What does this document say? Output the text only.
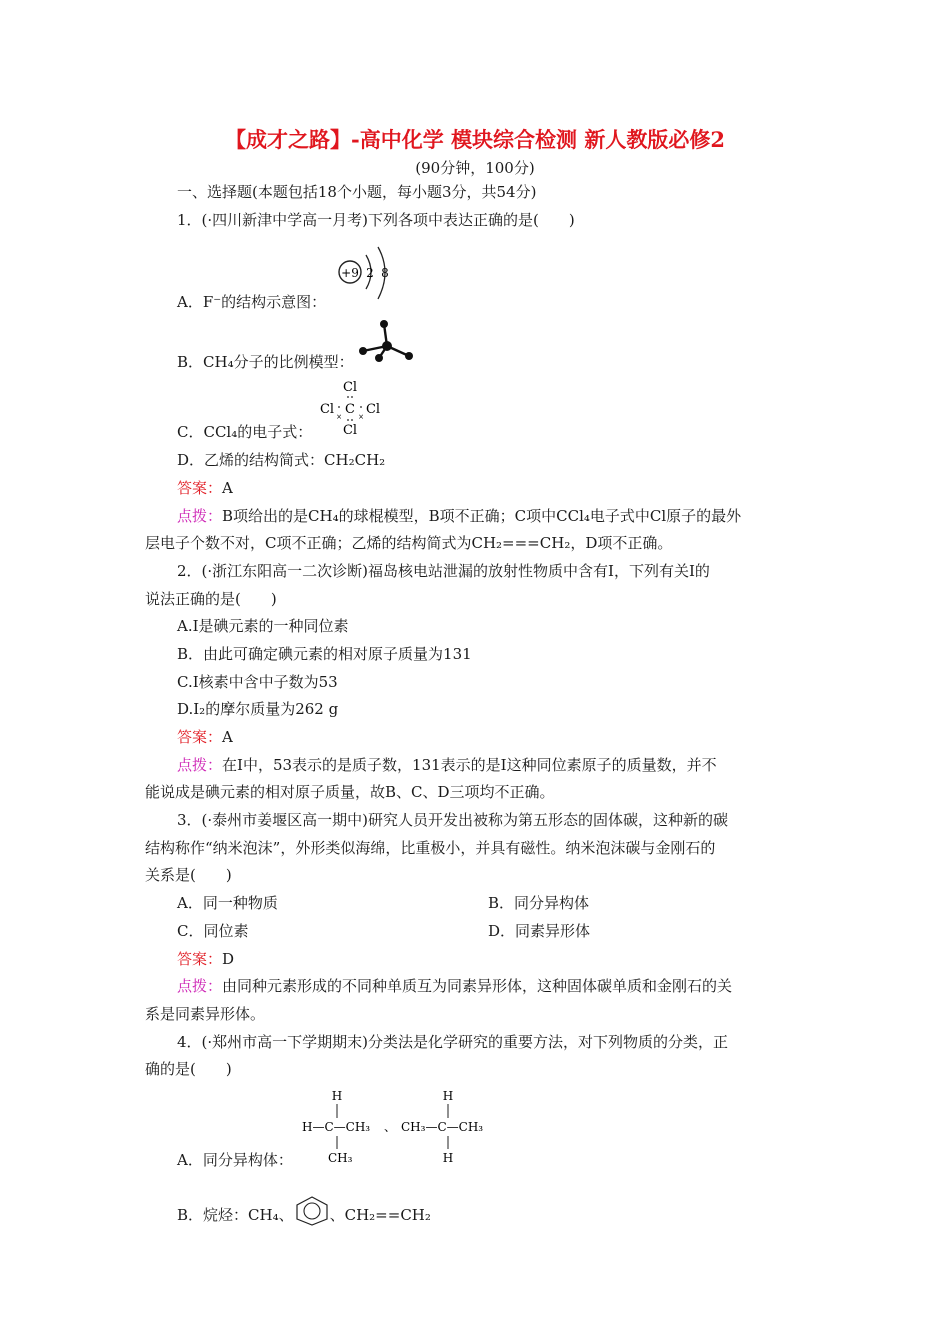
【成才之路】-高中化学 模块综合检测 新人教版必修2
(90分钟，100分)
一、选择题(本题包括18个小题，每小题3分，共54分)
1．(·四川新津中学高一月考)下列各项中表达正确的是(　　)
+9 2 8
A．F⁻的结构示意图：
B．CH₄分子的比例模型：
Cl
Cl C Cl
Cl
× ×
C．CCl₄的电子式：
D．乙烯的结构简式：CH₂CH₂
答案：A
点拨：B项给出的是CH₄的球棍模型，B项不正确；C项中CCl₄电子式中Cl原子的最外
层电子个数不对，C项不正确；乙烯的结构简式为CH₂===CH₂，D项不正确。
2．(·浙江东阳高一二次诊断)福岛核电站泄漏的放射性物质中含有I，下列有关I的
说法正确的是(　　)
A.I是碘元素的一种同位素
B．由此可确定碘元素的相对原子质量为131
C.I核素中含中子数为53
D.I₂的摩尔质量为262 g
答案：A
点拨：在I中，53表示的是质子数，131表示的是I这种同位素原子的质量数，并不
能说成是碘元素的相对原子质量，故B、C、D三项均不正确。
3．(·泰州市姜堰区高一期中)研究人员开发出被称为第五形态的固体碳，这种新的碳
结构称作“纳米泡沫”，外形类似海绵，比重极小，并具有磁性。纳米泡沫碳与金刚石的
关系是(　　)
A．同一种物质	B．同分异构体
C．同位素	D．同素异形体
答案：D
点拨：由同种元素形成的不同种单质互为同素异形体，这种固体碳单质和金刚石的关
系是同素异形体。
4．(·郑州市高一下学期期末)分类法是化学研究的重要方法，对下列物质的分类，正
确的是(　　)
H
H—C—CH₃
CH₃
、
H
CH₃—C—CH₃
H
A．同分异构体：
B．烷烃：CH₄、 、CH₂==CH₂
